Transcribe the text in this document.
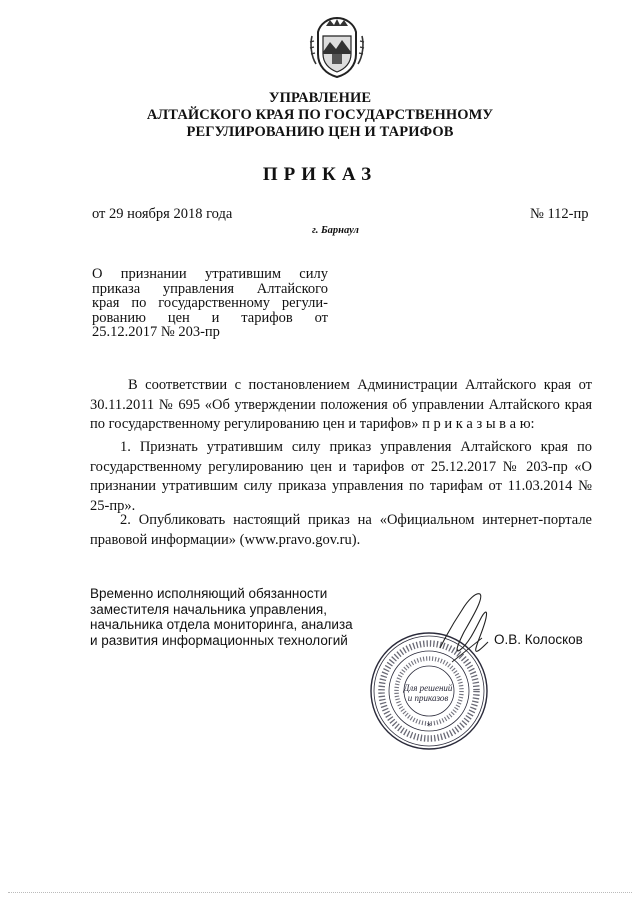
УПРАВЛЕНИЕ
АЛТАЙСКОГО КРАЯ ПО ГОСУДАРСТВЕННОМУ
РЕГУЛИРОВАНИЮ ЦЕН И ТАРИФОВ
ПРИКАЗ
от 29 ноября 2018 года	№ 112-пр
г. Барнаул
О признании утратившим силу
приказа управления Алтайского
края по государственному регули-
рованию цен и тарифов от
25.12.2017 № 203-пр
В соответствии с постановлением Администрации Алтайского края от 30.11.2011 № 695 «Об утверждении положения об управлении Алтайского края по государственному регулированию цен и тарифов» п р и к а з ы в а ю:
1. Признать утратившим силу приказ управления Алтайского края по государственному регулированию цен и тарифов от 25.12.2017 № 203-пр «О признании утратившим силу приказа управления по тарифам от 11.03.2014 № 25-пр».
2. Опубликовать настоящий приказ на «Официальном интернет-портале правовой информации» (www.pravo.gov.ru).
Временно исполняющий обязанности
заместителя начальника управления,
начальника отдела мониторинга, анализа
и развития информационных технологий
*
Для решений
и приказов
О.В. Колосков
